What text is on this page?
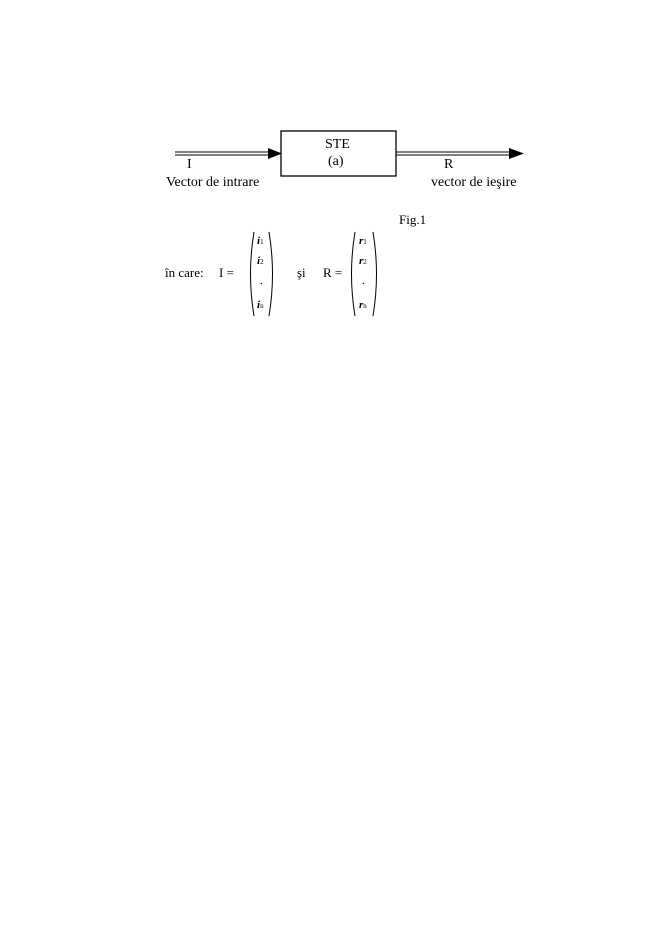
STE
(a)
I
Vector de intrare
R
vector de ieşire
Fig.1
în care: I =	şi R =
i1
i2
.
in
r1
r2
.
rn
